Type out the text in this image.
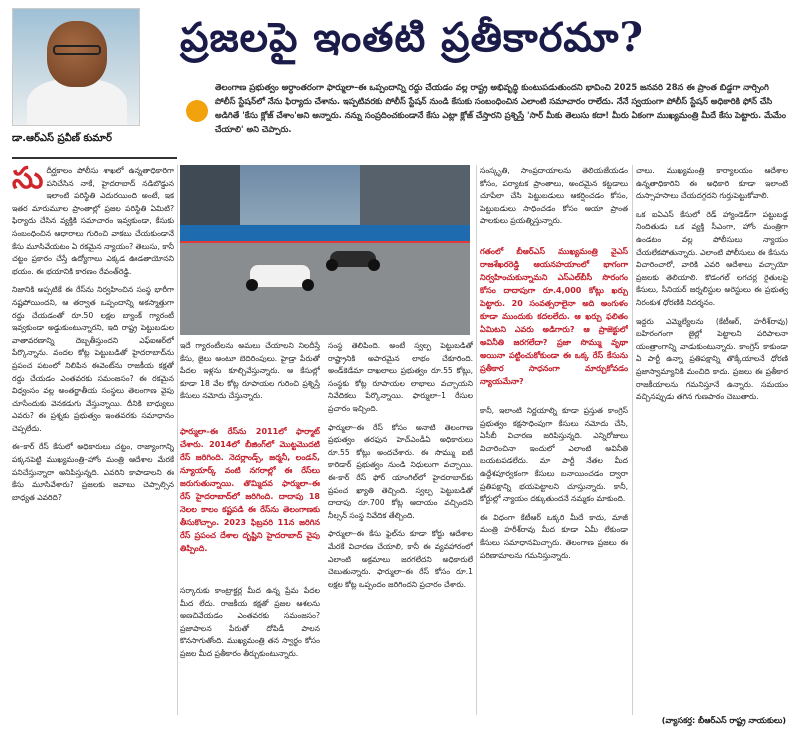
డా.ఆర్ఎస్ ప్రవీణ్ కుమార్
ప్రజలపై ఇంతటి ప్రతీకారమా?
తెలంగాణ ప్రభుత్వం అర్ధాంతరంగా ఫార్ములా–ఈ ఒప్పందాన్ని రద్దు చేయడం వల్ల రాష్ట్ర అభివృద్ధి కుంటుపడుతుందని భావించి 2025 జనవరి 28న ఈ ప్రాంత బిడ్డగా నార్సింగి పోలీస్ స్టేషన్‌లో నేను ఫిర్యాదు చేశాను. ఇప్పటివరకు పోలీస్ స్టేషన్ నుండి కేసుకు సంబంధించిన ఎలాంటి సమాచారం రాలేదు. నేనే స్వయంగా పోలీస్ స్టేషన్ అధికారికి ఫోన్ చేసి అడిగితే 'కేసు క్లోజ్ చేశాం'అని అన్నారు. నన్ను సంప్రదించకుండానే కేసు ఎట్లా క్లోజ్ చేస్తారని ప్రశ్నిస్తే 'సార్ మీకు తెలుసు కదా! మీరు ఏకంగా ముఖ్యమంత్రి మీదే కేసు పెట్టారు. మేమేం చేయాలి' అని చెప్పారు.

సుదీర్ఘకాలం పోలీసు శాఖలో ఉన్నతాధికారిగా పనిచేసిన నాకే, హైదరాబాద్ నడిబొడ్డున ఇలాంటి పరిస్థితి ఎదురయింది అంటే, ఇక ఇతర మారుమూల ప్రాంతాల్లో ప్రజల పరిస్థితి ఏమిటి? ఫిర్యాదు చేసిన వ్యక్తికి సమాచారం ఇవ్వకుండా, కేసుకు సంబంధించిన ఆధారాలు గురించి వాకబు చేయకుండానే కేసు మూసివేయటం ఏ రకమైన న్యాయం? తెలుసు, కానీ చట్టం ప్రకారం చేస్తే ఉద్యోగాలు ఎక్కడ ఊడతాయోనని భయం. ఈ భయానికి కారణం రేవంత్‌రెడ్డి.

నిజానికి అప్పటికే ఈ రేస్‌ను నిర్వహించిన సంస్థ భారీగా నష్టపోయిందని, ఆ తర్వాత ఒప్పందాన్ని అకస్మాత్తుగా రద్దు చేయడంతో రూ.50 లక్షల బ్యాంక్ గ్యారంటీ ఇవ్వకుండా అడ్డుకుంటున్నారని, ఇది రాష్ట్ర పెట్టుబడుల వాతావరణాన్ని దెబ్బతీస్తుందని ఎఫ్ఐఆర్‌లో పేర్కొన్నాను. వందల కోట్ల పెట్టుబడితో హైదరాబాద్‌ను ప్రపంచ పటంలో నిలిపిన ఈవెంట్‌ను రాజకీయ కక్షతో రద్దు చేయడం ఎంతవరకు సమంజసం? ఈ రకమైన విధ్వంసం వల్ల అంతర్జాతీయ సంస్థలు తెలంగాణ వైపు చూసేందుకు వెనకడుగు వేస్తున్నాయి. దీనికి బాధ్యులు ఎవరు? ఈ ప్రశ్నకు ప్రభుత్వం ఇంతవరకు సమాధానం చెప్పలేదు.

ఈ–కార్ రేస్ కేసులో అధికారులు చట్టం, రాజ్యాంగాన్ని పక్కనపెట్టి ముఖ్యమంత్రి–హోం మంత్రి ఆదేశాల మేరకే పనిచేస్తున్నారా అనిపిస్తున్నది. ఎవరిని కాపాడాలని ఈ కేసు మూసివేశారు? ప్రజలకు జవాబు చెప్పాల్సిన బాధ్యత ఎవరిది?

ఇదే గ్యారంటీలను అమలు చేయాలని నిలదీస్తే కేసు, జైలు అంటూ బెదిరింపులు. హైడ్రా పేరుతో పేదల ఇళ్లను కూల్చివేస్తున్నారు. ఆ కేసుల్లో కూడా 18 వేల కోట్ల రూపాయల గురించి ప్రశ్నిస్తే కేసులు నమోదు చేస్తున్నారు.

ఫార్ములా–ఈ రేస్‌ను 2011లో ఫార్మాట్ చేశారు. 2014లో బీజింగ్‌లో మొట్టమొదటి రేస్ జరిగింది. నెదర్లాండ్స్, జర్మనీ, లండన్, న్యూయార్క్ వంటి నగరాల్లో ఈ రేస్‌లు జరుగుతున్నాయి. తొమ్మిదవ ఫార్ములా–ఈ రేస్ హైదరాబాద్‌లో జరిగింది. దాదాపు 18 నెలల కాలం కష్టపడి ఈ రేస్‌ను తెలంగాణకు తీసుకొచ్చాం. 2023 ఫిబ్రవరి 11న జరిగిన రేస్ ప్రపంచ దేశాల దృష్టిని హైదరాబాద్ వైపు తిప్పింది.

సర్కారుకు కాంట్రాక్టర్ల మీద ఉన్న ప్రేమ పేదల మీద లేదు. రాజకీయ కక్షతో ప్రజల ఆశలను అణచివేయడం ఎంతవరకు సమంజసం? ప్రజాపాలన పేరుతో దోపిడీ పాలన కొనసాగుతోంది. ముఖ్యమంత్రి తన స్వార్థం కోసం ప్రజల మీద ప్రతీకారం తీర్చుకుంటున్నారు.

సంస్థ తెలిపింది. అంటే స్వల్ప పెట్టుబడితో రాష్ట్రానికి అపారమైన లాభం చేకూరింది. అండ్‌కెడేమా దాఖలాలు ప్రభుత్వం రూ.55 కోట్లు, సంస్థకు కోట్ల రూపాయల లాభాలు వచ్చాయని నివేదికలు పేర్కొన్నాయి. ఫార్ములా–1 రేసుల ప్రచారం ఇచ్చింది.

ఫార్ములా–ఈ రేస్ కోసం అనాటి తెలంగాణ ప్రభుత్వం తరఫున హెచ్ఎండీఏ అధికారులు రూ.55 కోట్లు అందచేశారు. ఈ సొమ్ము ఐటీ కారిడార్ ప్రభుత్వం నుండి నిధులుగా వచ్చాయి. ఈ-కార్ రేస్ ఫోర్ యాంగిల్‌లో హైదరాబాద్‌కు ప్రపంచ ఖ్యాతి తెచ్చింది. స్వల్ప పెట్టుబడితో దాదాపు రూ.700 కోట్ల ఆదాయం వచ్చిందని నీల్సన్ సంస్థ నివేదిక తేల్చింది.

ఫార్ములా–ఈ కేసు ఫైల్‌ను కూడా కోర్టు ఆదేశాల మేరకే విచారణ చేయాలి, కానీ ఈ వ్యవహారంలో ఎలాంటి అక్రమాలు జరగలేదని అధికారులే చెబుతున్నారు. ఫార్ములా–ఈ రేస్ కోసం రూ.1 లక్షల కోట్ల ఒప్పందం జరిగిందని ప్రచారం చేశారు.

సంస్కృతి, సాంప్రదాయాలను తెలియజేయడం కోసం, పర్యాటక ప్రాంతాలు, అందమైన కట్టడాలు చూపేలా చేసి పెట్టుబడులు ఆకర్షించడం కోసం, పెట్టుబడులు సాధించడం కోసం ఆయా ప్రాంత పాలకులు ప్రయత్నిస్తున్నారు.

గతంలో బీఆర్ఎస్ ముఖ్యమంత్రి వైఎస్ రాజశేఖరరెడ్డి ఆయనహయాంలో భాగంగా నిర్వహించుకున్నామని ఎస్ఎల్‌బీసీ సొరంగం కోసం దాదాపుగా రూ.4,000 కోట్లు ఖర్చు పెట్టారు. 20 సంవత్సరాలైనా అది అంగుళం కూడా ముందుకు కదలలేదు. ఆ ఖర్చు ఫలితం ఏమిటని ఎవరు అడిగారు? ఆ ప్రాజెక్టులో అవినీతి జరగలేదా? ప్రజా సొమ్ము వృథా అయినా పట్టించుకోకుండా ఈ ఒక్క రేస్ కేసును ప్రతీకార సాధనంగా మార్చుకోవడం న్యాయమేనా?

కానీ, ఇలాంటి నిర్ణయాల్ని కూడా ప్రస్తుత కాంగ్రెస్ ప్రభుత్వం కక్షసాధింపుగా కేసులు నమోదు చేసి, ఏసీబీ విచారణ జరిపిస్తున్నది. ఎన్నిరోజులు విచారించినా ఇందులో ఎలాంటి అవినీతి బయటపడలేదు. మా పార్టీ నేతల మీద ఉద్దేశపూర్వకంగా కేసులు బనాయించడం ద్వారా ప్రతిపక్షాన్ని భయపెట్టాలని చూస్తున్నారు. కానీ, కోర్టుల్లో న్యాయం దక్కుతుందనే నమ్మకం మాకుంది.

ఈ విధంగా కేటీఆర్ ఒక్కరి మీదే కాదు, మాజీ మంత్రి హరీశ్‌రావు మీద కూడా ఏమీ లేకుండా కేసులు సమాధానమిచ్చారు. తెలంగాణ ప్రజలు ఈ పరిణామాలను గమనిస్తున్నారు.

చాలు. ముఖ్యమంత్రి కార్యాలయం ఆదేశాల ఉన్నతాధికారిని ఈ అధికారి కూడా ఇలాంటి దుస్సాహసాలు చేయదగ్గదని గుర్తుపెట్టుకోవాలి.

ఒక ఐఏఎస్ కేసులో రెడ్ హ్యాండెడ్‌గా పట్టుబడ్డ నిందితుడు ఒక వ్యక్తి సీఎంగా, హోం మంత్రిగా ఉండటం వల్ల పోలీసులు న్యాయం చేయలేకపోతున్నారు. ఎలాంటి పోలీసులు ఈ కేసును విచారించారో, వారికి ఎవరి ఆదేశాలు వచ్చాయో ప్రజలకు తెలియాలి. కొడంగల్ లగచర్ల రైతులపై కేసులు, సీనియర్ జర్నలిస్టుల అరెస్టులు ఈ ప్రభుత్వ నిరంకుశ ధోరణికి నిదర్శనం.

ఇద్దరు ఎమ్మెల్యేలను (కేటీఆర్, హరీశ్‌రావు) బహిరంగంగా జైల్లో పెట్టాలని పరిపాలనా యంత్రాంగాన్ని వాడుకుంటున్నారు. కాంగ్రెస్ కాకుండా ఏ పార్టీ ఉన్నా ప్రతిపక్షాన్ని తొక్కేయాలనే ధోరణి ప్రజాస్వామ్యానికి మంచిది కాదు. ప్రజలు ఈ ప్రతీకార రాజకీయాలను గమనిస్తూనే ఉన్నారు. సమయం వచ్చినప్పుడు తగిన గుణపాఠం చెబుతారు.

(వ్యాసకర్త: బీఆర్ఎస్ రాష్ట్ర నాయకులు)
